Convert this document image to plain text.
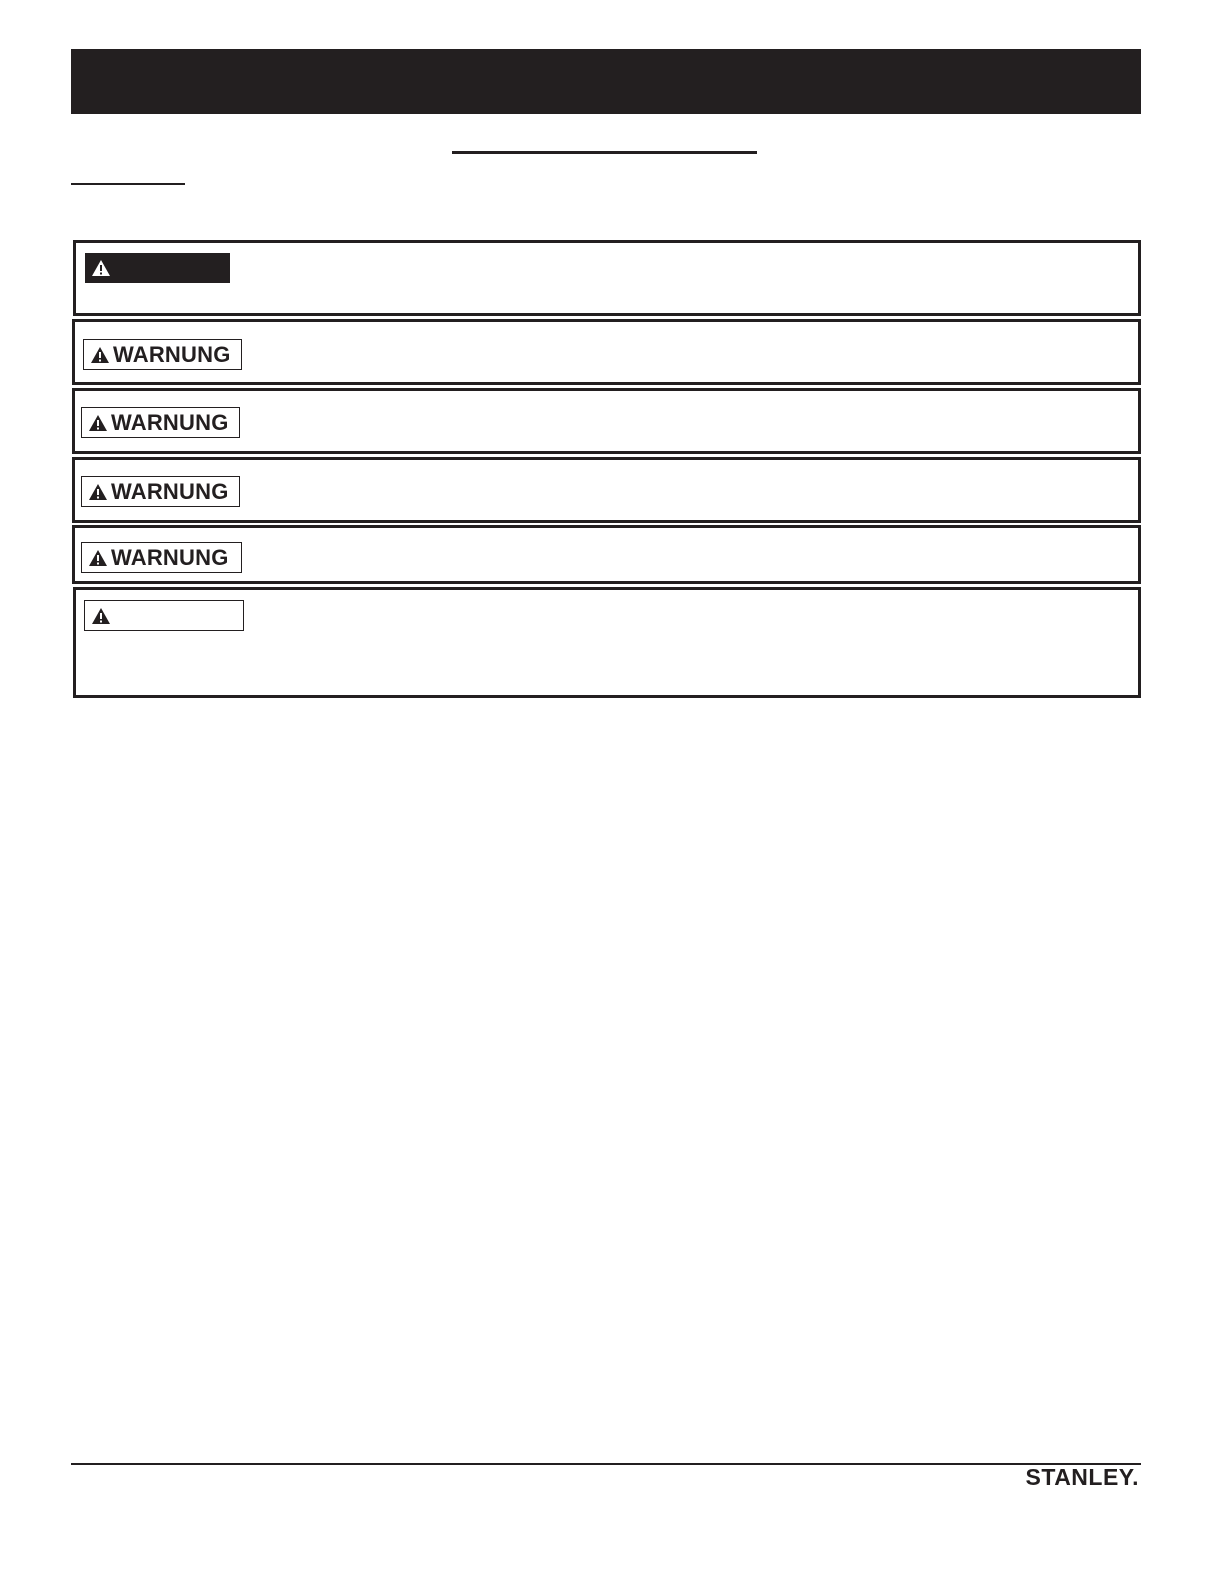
WARNUNG
WARNUNG
WARNUNG
WARNUNG
STANLEY.
